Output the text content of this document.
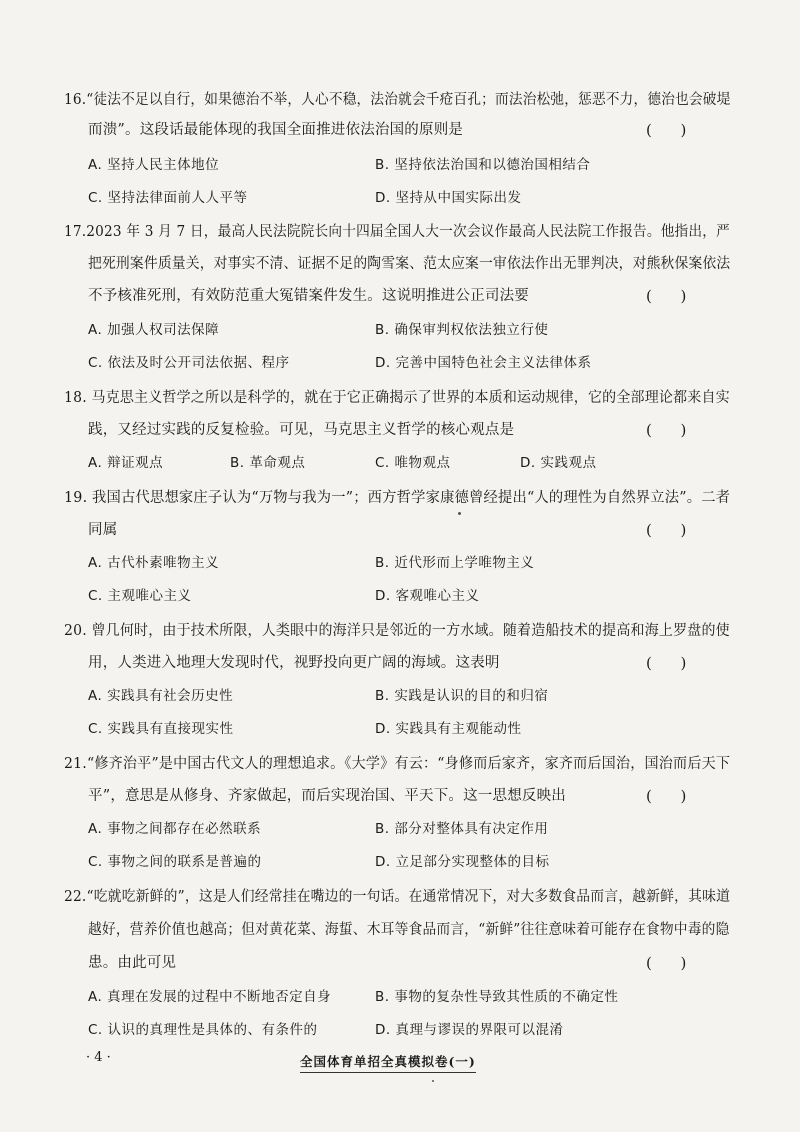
16.“徒法不足以自行，如果德治不举，人心不稳，法治就会千疮百孔；而法治松弛，惩恶不力，德治也会破堤
而溃”。这段话最能体现的我国全面推进依法治国的原则是	(      )
A. 坚持人民主体地位	B. 坚持依法治国和以德治国相结合
C. 坚持法律面前人人平等	D. 坚持从中国实际出发
17.2023 年 3 月 7 日，最高人民法院院长向十四届全国人大一次会议作最高人民法院工作报告。他指出，严
把死刑案件质量关，对事实不清、证据不足的陶雪案、范太应案一审依法作出无罪判决，对熊秋保案依法
不予核准死刑，有效防范重大冤错案件发生。这说明推进公正司法要	(      )
A. 加强人权司法保障	B. 确保审判权依法独立行使
C. 依法及时公开司法依据、程序	D. 完善中国特色社会主义法律体系
18. 马克思主义哲学之所以是科学的，就在于它正确揭示了世界的本质和运动规律，它的全部理论都来自实
践，又经过实践的反复检验。可见，马克思主义哲学的核心观点是	(      )
A. 辩证观点	B. 革命观点	C. 唯物观点	D. 实践观点
19. 我国古代思想家庄子认为“万物与我为一”；西方哲学家康德曾经提出“人的理性为自然界立法”。二者
同属	(      )
A. 古代朴素唯物主义	B. 近代形而上学唯物主义
C. 主观唯心主义	D. 客观唯心主义
20. 曾几何时，由于技术所限，人类眼中的海洋只是邻近的一方水域。随着造船技术的提高和海上罗盘的使
用，人类进入地理大发现时代，视野投向更广阔的海域。这表明	(      )
A. 实践具有社会历史性	B. 实践是认识的目的和归宿
C. 实践具有直接现实性	D. 实践具有主观能动性
21.“修齐治平”是中国古代文人的理想追求。《大学》有云：“身修而后家齐，家齐而后国治，国治而后天下
平”，意思是从修身、齐家做起，而后实现治国、平天下。这一思想反映出	(      )
A. 事物之间都存在必然联系	B. 部分对整体具有决定作用
C. 事物之间的联系是普遍的	D. 立足部分实现整体的目标
22.“吃就吃新鲜的”，这是人们经常挂在嘴边的一句话。在通常情况下，对大多数食品而言，越新鲜，其味道
越好，营养价值也越高；但对黄花菜、海蜇、木耳等食品而言，“新鲜”往往意味着可能存在食物中毒的隐
患。由此可见	(      )
A. 真理在发展的过程中不断地否定自身	B. 事物的复杂性导致其性质的不确定性
C. 认识的真理性是具体的、有条件的	D. 真理与谬误的界限可以混淆
· 4 ·	全国体育单招全真模拟卷(一)
